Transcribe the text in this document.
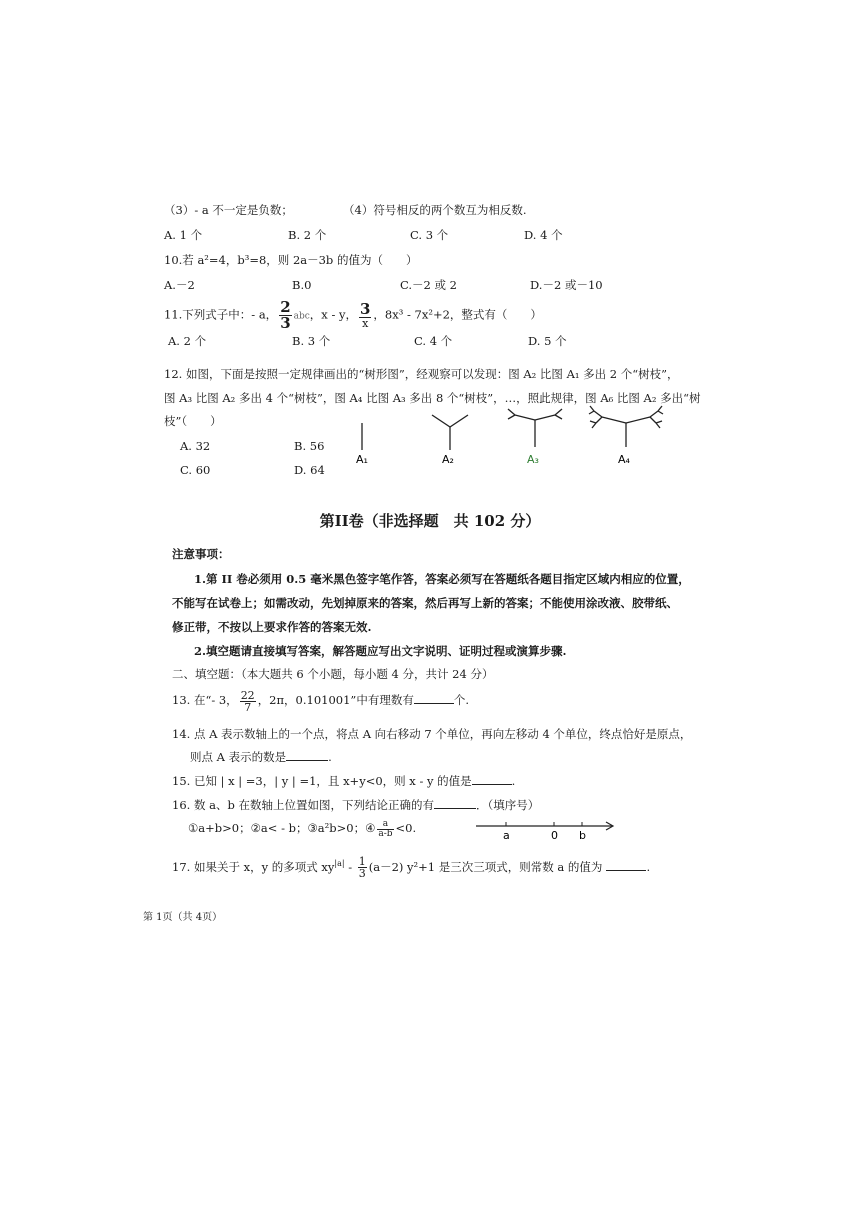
（3）- a 不一定是负数；	（4）符号相反的两个数互为相反数.
A. 1 个	B. 2 个	C. 3 个	D. 4 个
10.若 a²=4，b³=8，则 2a－3b 的值为（　　）
A.－2	B.0	C.－2 或 2	D.－2 或－10
11.下列式子中：- a， $\frac{2}{3}$ abc，x - y， $\frac{3}{x}$ ，8x³ - 7x²+2，整式有（　　）
A. 2 个	B. 3 个	C. 4 个	D. 5 个
12. 如图，下面是按照一定规律画出的“树形图”，经观察可以发现：图 A₂ 比图 A₁ 多出 2 个“树枝”，
图 A₃ 比图 A₂ 多出 4 个“树枝”，图 A₄ 比图 A₃ 多出 8 个“树枝”，…，照此规律，图 A₆ 比图 A₂ 多出“树
枝”（　　）
A. 32	B. 56
C. 60	D. 64
A₁	A₂	A₃	A₄
第II卷（非选择题　共 102 分）
注意事项：
1.第 II 卷必须用 0.5 毫米黑色签字笔作答，答案必须写在答题纸各题目指定区域内相应的位置，
不能写在试卷上；如需改动，先划掉原来的答案，然后再写上新的答案；不能使用涂改液、胶带纸、
修正带，不按以上要求作答的答案无效.
2.填空题请直接填写答案，解答题应写出文字说明、证明过程或演算步骤.
二、填空题：（本大题共 6 个小题，每小题 4 分，共计 24 分）
13. 在“- 3， $\frac{22}{7}$ ，2π，0.101001”中有理数有	个.
14. 点 A 表示数轴上的一个点，将点 A 向右移动 7 个单位，再向左移动 4 个单位，终点恰好是原点，
则点 A 表示的数是	.
15. 已知 | x | =3，| y | =1，且 x+y<0，则 x - y 的值是	.
16. 数 a、b 在数轴上位置如图，下列结论正确的有	．（填序号）
①a+b>0；②a< - b；③a²b>0；④ $\frac{a}{a-b} <0$.
a	0 b
17. 如果关于 x，y 的多项式 $xy^{|a|} - \frac{1}{3} (a-2)$ y²+1 是三次三项式，则常数 a 的值为	.
第 1页（共 4页）
